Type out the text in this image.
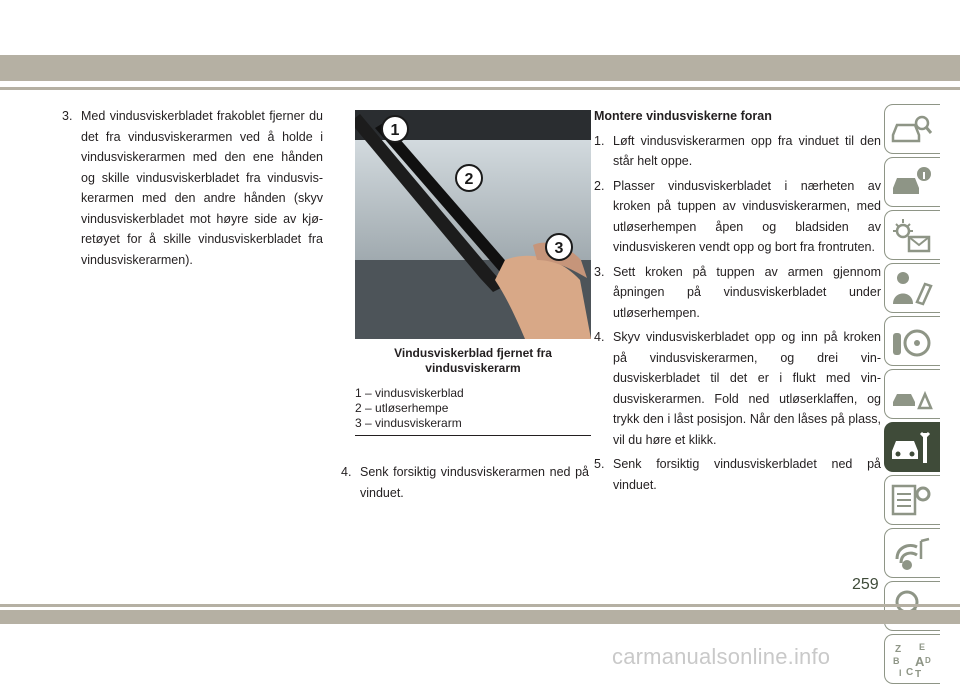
3. Med vindusviskerbladet frakoblet fjerner du det fra vindusviskerarmen ved å holde i vindusviskerarmen med den ene hånden og skille vindusviskerbladet fra vindusviskerarmen med den andre hånden (skyv vindusviskerbladet mot høyre side av kjøretøyet for å skille vindusviskerbladet fra vindusviskerarmen).

1
2
3
Vindusviskerblad fjernet fra
vindusviskerarm
1 – vindusviskerblad
2 – utløserhempe
3 – vindusviskerarm

4. Senk forsiktig vindusviskerarmen ned på vinduet.

Montere vindusviskerne foran

1. Løft vindusviskerarmen opp fra vinduet til den står helt oppe.

2. Plasser vindusviskerbladet i nærheten av kroken på tuppen av vindusviskerarmen, med utløserhempen åpen og bladsiden av vindusviskeren vendt opp og bort fra frontruten.

3. Sett kroken på tuppen av armen gjennom åpningen på vindusviskerbladet under utløserhempen.

4. Skyv vindusviskerbladet opp og inn på kroken på vindusviskerarmen, og drei vindusviskerbladet til det er i flukt med vindusviskerarmen. Fold ned utløserklaffen, og trykk den i låst posisjon. Når den låses på plass, vil du høre et klikk.

5. Senk forsiktig vindusviskerbladet ned på vinduet.

Z E
B A D
I C T
259
carmanualsonline.info
